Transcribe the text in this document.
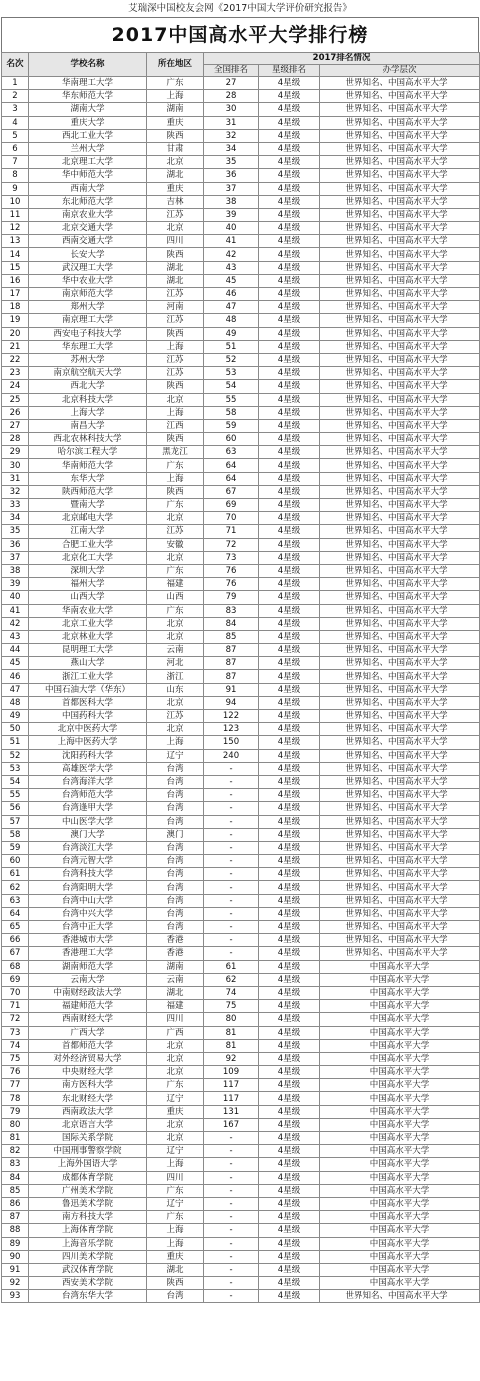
艾瑞深中国校友会网《2017中国大学评价研究报告》
2017中国高水平大学排行榜
名次	学校名称	所在地区	2017排名情况		
			全国排名	星级排名	办学层次
1	华南理工大学	广东	27	4星级	世界知名、中国高水平大学
2	华东师范大学	上海	28	4星级	世界知名、中国高水平大学
3	湖南大学	湖南	30	4星级	世界知名、中国高水平大学
4	重庆大学	重庆	31	4星级	世界知名、中国高水平大学
5	西北工业大学	陕西	32	4星级	世界知名、中国高水平大学
6	兰州大学	甘肃	34	4星级	世界知名、中国高水平大学
7	北京理工大学	北京	35	4星级	世界知名、中国高水平大学
8	华中师范大学	湖北	36	4星级	世界知名、中国高水平大学
9	西南大学	重庆	37	4星级	世界知名、中国高水平大学
10	东北师范大学	吉林	38	4星级	世界知名、中国高水平大学
11	南京农业大学	江苏	39	4星级	世界知名、中国高水平大学
12	北京交通大学	北京	40	4星级	世界知名、中国高水平大学
13	西南交通大学	四川	41	4星级	世界知名、中国高水平大学
14	长安大学	陕西	42	4星级	世界知名、中国高水平大学
15	武汉理工大学	湖北	43	4星级	世界知名、中国高水平大学
16	华中农业大学	湖北	45	4星级	世界知名、中国高水平大学
17	南京师范大学	江苏	46	4星级	世界知名、中国高水平大学
18	郑州大学	河南	47	4星级	世界知名、中国高水平大学
19	南京理工大学	江苏	48	4星级	世界知名、中国高水平大学
20	西安电子科技大学	陕西	49	4星级	世界知名、中国高水平大学
21	华东理工大学	上海	51	4星级	世界知名、中国高水平大学
22	苏州大学	江苏	52	4星级	世界知名、中国高水平大学
23	南京航空航天大学	江苏	53	4星级	世界知名、中国高水平大学
24	西北大学	陕西	54	4星级	世界知名、中国高水平大学
25	北京科技大学	北京	55	4星级	世界知名、中国高水平大学
26	上海大学	上海	58	4星级	世界知名、中国高水平大学
27	南昌大学	江西	59	4星级	世界知名、中国高水平大学
28	西北农林科技大学	陕西	60	4星级	世界知名、中国高水平大学
29	哈尔滨工程大学	黑龙江	63	4星级	世界知名、中国高水平大学
30	华南师范大学	广东	64	4星级	世界知名、中国高水平大学
31	东华大学	上海	64	4星级	世界知名、中国高水平大学
32	陕西师范大学	陕西	67	4星级	世界知名、中国高水平大学
33	暨南大学	广东	69	4星级	世界知名、中国高水平大学
34	北京邮电大学	北京	70	4星级	世界知名、中国高水平大学
35	江南大学	江苏	71	4星级	世界知名、中国高水平大学
36	合肥工业大学	安徽	72	4星级	世界知名、中国高水平大学
37	北京化工大学	北京	73	4星级	世界知名、中国高水平大学
38	深圳大学	广东	76	4星级	世界知名、中国高水平大学
39	福州大学	福建	76	4星级	世界知名、中国高水平大学
40	山西大学	山西	79	4星级	世界知名、中国高水平大学
41	华南农业大学	广东	83	4星级	世界知名、中国高水平大学
42	北京工业大学	北京	84	4星级	世界知名、中国高水平大学
43	北京林业大学	北京	85	4星级	世界知名、中国高水平大学
44	昆明理工大学	云南	87	4星级	世界知名、中国高水平大学
45	燕山大学	河北	87	4星级	世界知名、中国高水平大学
46	浙江工业大学	浙江	87	4星级	世界知名、中国高水平大学
47	中国石油大学（华东）	山东	91	4星级	世界知名、中国高水平大学
48	首都医科大学	北京	94	4星级	世界知名、中国高水平大学
49	中国药科大学	江苏	122	4星级	世界知名、中国高水平大学
50	北京中医药大学	北京	123	4星级	世界知名、中国高水平大学
51	上海中医药大学	上海	150	4星级	世界知名、中国高水平大学
52	沈阳药科大学	辽宁	240	4星级	世界知名、中国高水平大学
53	高雄医学大学	台湾	-	4星级	世界知名、中国高水平大学
54	台湾海洋大学	台湾	-	4星级	世界知名、中国高水平大学
55	台湾师范大学	台湾	-	4星级	世界知名、中国高水平大学
56	台湾逢甲大学	台湾	-	4星级	世界知名、中国高水平大学
57	中山医学大学	台湾	-	4星级	世界知名、中国高水平大学
58	澳门大学	澳门	-	4星级	世界知名、中国高水平大学
59	台湾淡江大学	台湾	-	4星级	世界知名、中国高水平大学
60	台湾元智大学	台湾	-	4星级	世界知名、中国高水平大学
61	台湾科技大学	台湾	-	4星级	世界知名、中国高水平大学
62	台湾阳明大学	台湾	-	4星级	世界知名、中国高水平大学
63	台湾中山大学	台湾	-	4星级	世界知名、中国高水平大学
64	台湾中兴大学	台湾	-	4星级	世界知名、中国高水平大学
65	台湾中正大学	台湾	-	4星级	世界知名、中国高水平大学
66	香港城市大学	香港	-	4星级	世界知名、中国高水平大学
67	香港理工大学	香港	-	4星级	世界知名、中国高水平大学
68	湖南师范大学	湖南	61	4星级	中国高水平大学
69	云南大学	云南	62	4星级	中国高水平大学
70	中南财经政法大学	湖北	74	4星级	中国高水平大学
71	福建师范大学	福建	75	4星级	中国高水平大学
72	西南财经大学	四川	80	4星级	中国高水平大学
73	广西大学	广西	81	4星级	中国高水平大学
74	首都师范大学	北京	81	4星级	中国高水平大学
75	对外经济贸易大学	北京	92	4星级	中国高水平大学
76	中央财经大学	北京	109	4星级	中国高水平大学
77	南方医科大学	广东	117	4星级	中国高水平大学
78	东北财经大学	辽宁	117	4星级	中国高水平大学
79	西南政法大学	重庆	131	4星级	中国高水平大学
80	北京语言大学	北京	167	4星级	中国高水平大学
81	国际关系学院	北京	-	4星级	中国高水平大学
82	中国刑事警察学院	辽宁	-	4星级	中国高水平大学
83	上海外国语大学	上海	-	4星级	中国高水平大学
84	成都体育学院	四川	-	4星级	中国高水平大学
85	广州美术学院	广东	-	4星级	中国高水平大学
86	鲁迅美术学院	辽宁	-	4星级	中国高水平大学
87	南方科技大学	广东	-	4星级	中国高水平大学
88	上海体育学院	上海	-	4星级	中国高水平大学
89	上海音乐学院	上海	-	4星级	中国高水平大学
90	四川美术学院	重庆	-	4星级	中国高水平大学
91	武汉体育学院	湖北	-	4星级	中国高水平大学
92	西安美术学院	陕西	-	4星级	中国高水平大学
93	台湾东华大学	台湾	-	4星级	世界知名、中国高水平大学
